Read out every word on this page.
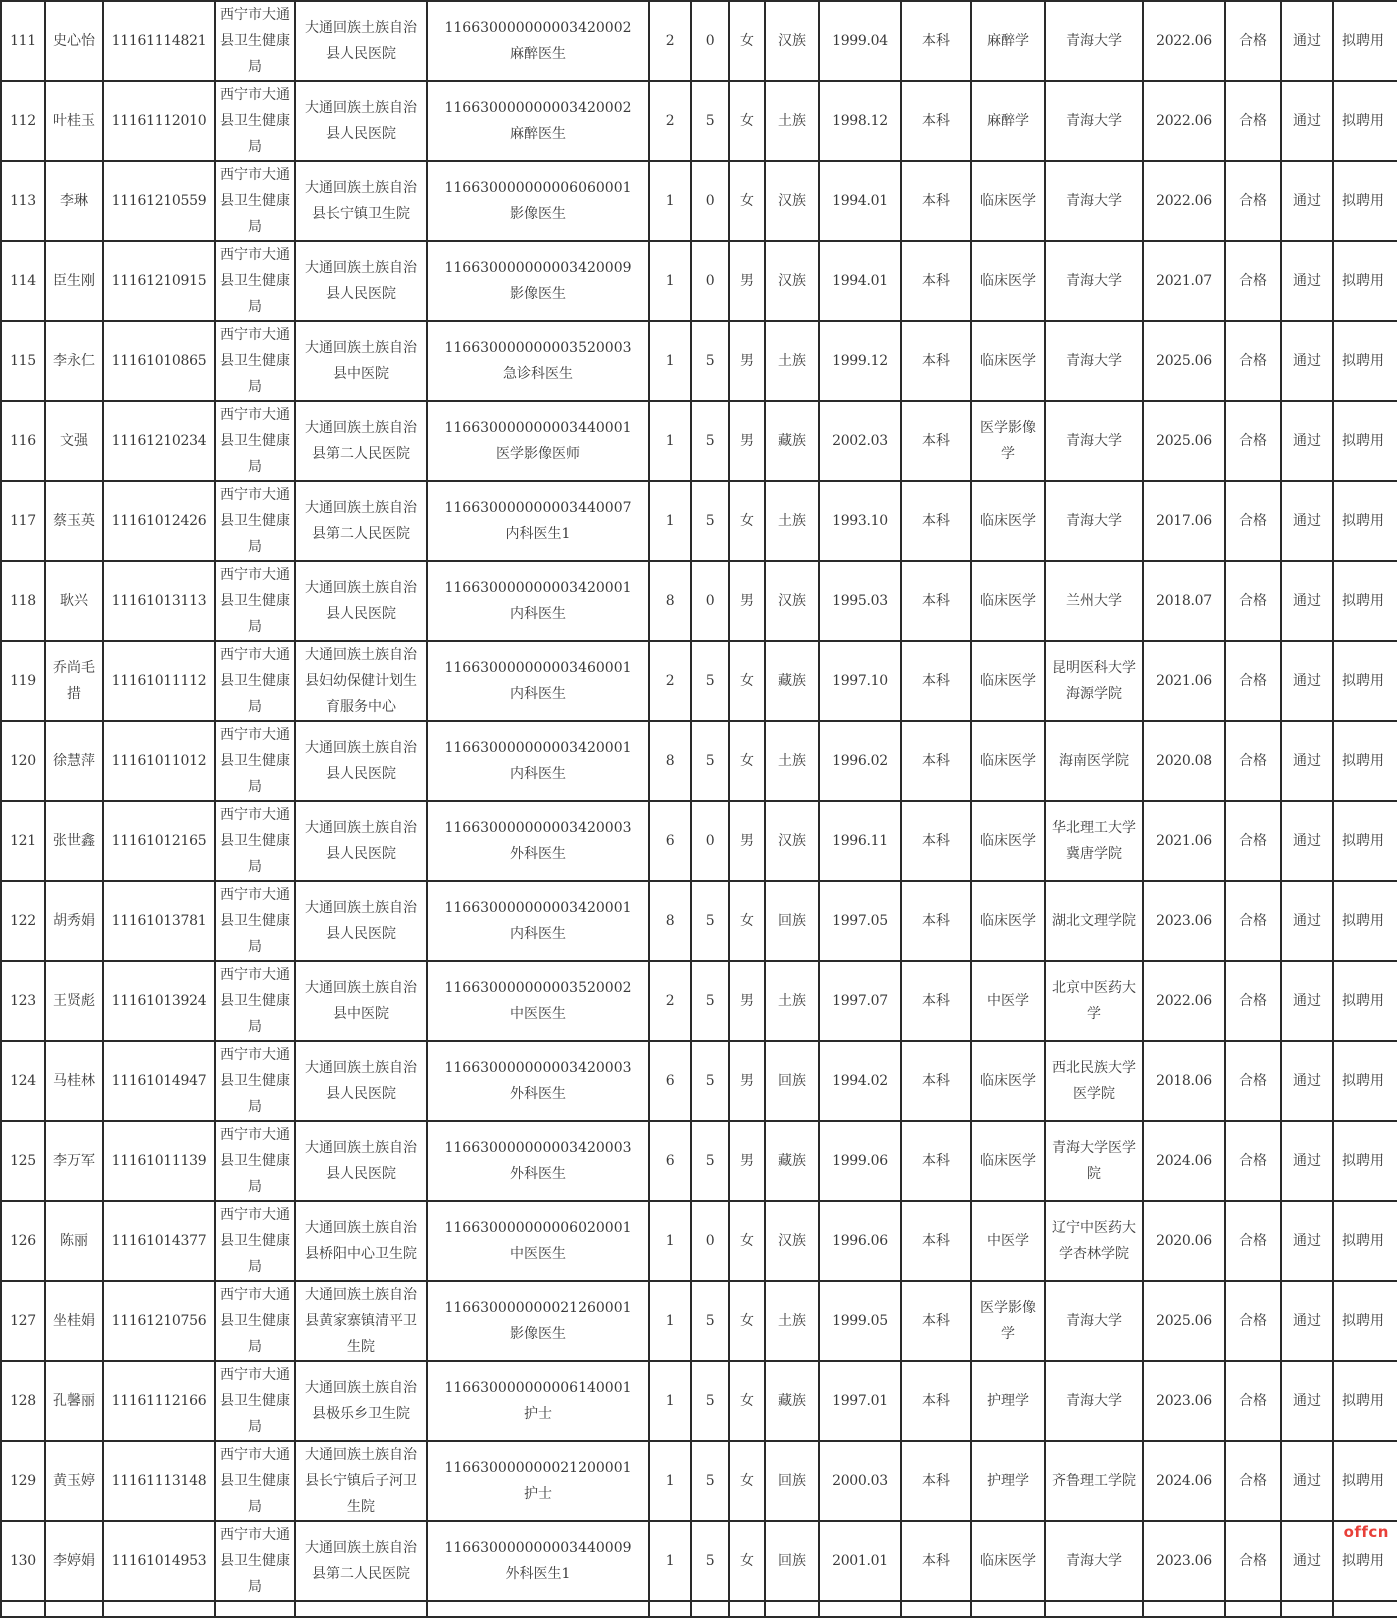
111	史心怡	11161114821	西宁市大通县卫生健康局	大通回族土族自治县人民医院	116630000000003420002麻醉医生	2	0	女	汉族	1999.04	本科	麻醉学	青海大学	2022.06	合格	通过	拟聘用
112	叶桂玉	11161112010	西宁市大通县卫生健康局	大通回族土族自治县人民医院	116630000000003420002麻醉医生	2	5	女	土族	1998.12	本科	麻醉学	青海大学	2022.06	合格	通过	拟聘用
113	李琳	11161210559	西宁市大通县卫生健康局	大通回族土族自治县长宁镇卫生院	116630000000006060001影像医生	1	0	女	汉族	1994.01	本科	临床医学	青海大学	2022.06	合格	通过	拟聘用
114	臣生刚	11161210915	西宁市大通县卫生健康局	大通回族土族自治县人民医院	116630000000003420009影像医生	1	0	男	汉族	1994.01	本科	临床医学	青海大学	2021.07	合格	通过	拟聘用
115	李永仁	11161010865	西宁市大通县卫生健康局	大通回族土族自治县中医院	116630000000003520003急诊科医生	1	5	男	土族	1999.12	本科	临床医学	青海大学	2025.06	合格	通过	拟聘用
116	文强	11161210234	西宁市大通县卫生健康局	大通回族土族自治县第二人民医院	116630000000003440001医学影像医师	1	5	男	藏族	2002.03	本科	医学影像学	青海大学	2025.06	合格	通过	拟聘用
117	蔡玉英	11161012426	西宁市大通县卫生健康局	大通回族土族自治县第二人民医院	116630000000003440007内科医生1	1	5	女	土族	1993.10	本科	临床医学	青海大学	2017.06	合格	通过	拟聘用
118	耿兴	11161013113	西宁市大通县卫生健康局	大通回族土族自治县人民医院	116630000000003420001内科医生	8	0	男	汉族	1995.03	本科	临床医学	兰州大学	2018.07	合格	通过	拟聘用
119	乔尚毛措	11161011112	西宁市大通县卫生健康局	大通回族土族自治县妇幼保健计划生育服务中心	116630000000003460001内科医生	2	5	女	藏族	1997.10	本科	临床医学	昆明医科大学海源学院	2021.06	合格	通过	拟聘用
120	徐慧萍	11161011012	西宁市大通县卫生健康局	大通回族土族自治县人民医院	116630000000003420001内科医生	8	5	女	土族	1996.02	本科	临床医学	海南医学院	2020.08	合格	通过	拟聘用
121	张世鑫	11161012165	西宁市大通县卫生健康局	大通回族土族自治县人民医院	116630000000003420003外科医生	6	0	男	汉族	1996.11	本科	临床医学	华北理工大学冀唐学院	2021.06	合格	通过	拟聘用
122	胡秀娟	11161013781	西宁市大通县卫生健康局	大通回族土族自治县人民医院	116630000000003420001内科医生	8	5	女	回族	1997.05	本科	临床医学	湖北文理学院	2023.06	合格	通过	拟聘用
123	王贤彪	11161013924	西宁市大通县卫生健康局	大通回族土族自治县中医院	116630000000003520002中医医生	2	5	男	土族	1997.07	本科	中医学	北京中医药大学	2022.06	合格	通过	拟聘用
124	马桂林	11161014947	西宁市大通县卫生健康局	大通回族土族自治县人民医院	116630000000003420003外科医生	6	5	男	回族	1994.02	本科	临床医学	西北民族大学医学院	2018.06	合格	通过	拟聘用
125	李万军	11161011139	西宁市大通县卫生健康局	大通回族土族自治县人民医院	116630000000003420003外科医生	6	5	男	藏族	1999.06	本科	临床医学	青海大学医学院	2024.06	合格	通过	拟聘用
126	陈丽	11161014377	西宁市大通县卫生健康局	大通回族土族自治县桥阳中心卫生院	116630000000006020001中医医生	1	0	女	汉族	1996.06	本科	中医学	辽宁中医药大学杏林学院	2020.06	合格	通过	拟聘用
127	坐桂娟	11161210756	西宁市大通县卫生健康局	大通回族土族自治县黄家寨镇清平卫生院	116630000000021260001影像医生	1	5	女	土族	1999.05	本科	医学影像学	青海大学	2025.06	合格	通过	拟聘用
128	孔馨丽	11161112166	西宁市大通县卫生健康局	大通回族土族自治县极乐乡卫生院	116630000000006140001护士	1	5	女	藏族	1997.01	本科	护理学	青海大学	2023.06	合格	通过	拟聘用
129	黄玉婷	11161113148	西宁市大通县卫生健康局	大通回族土族自治县长宁镇后子河卫生院	116630000000021200001护士	1	5	女	回族	2000.03	本科	护理学	齐鲁理工学院	2024.06	合格	通过	拟聘用
130	李婷娟	11161014953	西宁市大通县卫生健康局	大通回族土族自治县第二人民医院	116630000000003440009外科医生1	1	5	女	回族	2001.01	本科	临床医学	青海大学	2023.06	合格	通过	拟聘用

offcn
